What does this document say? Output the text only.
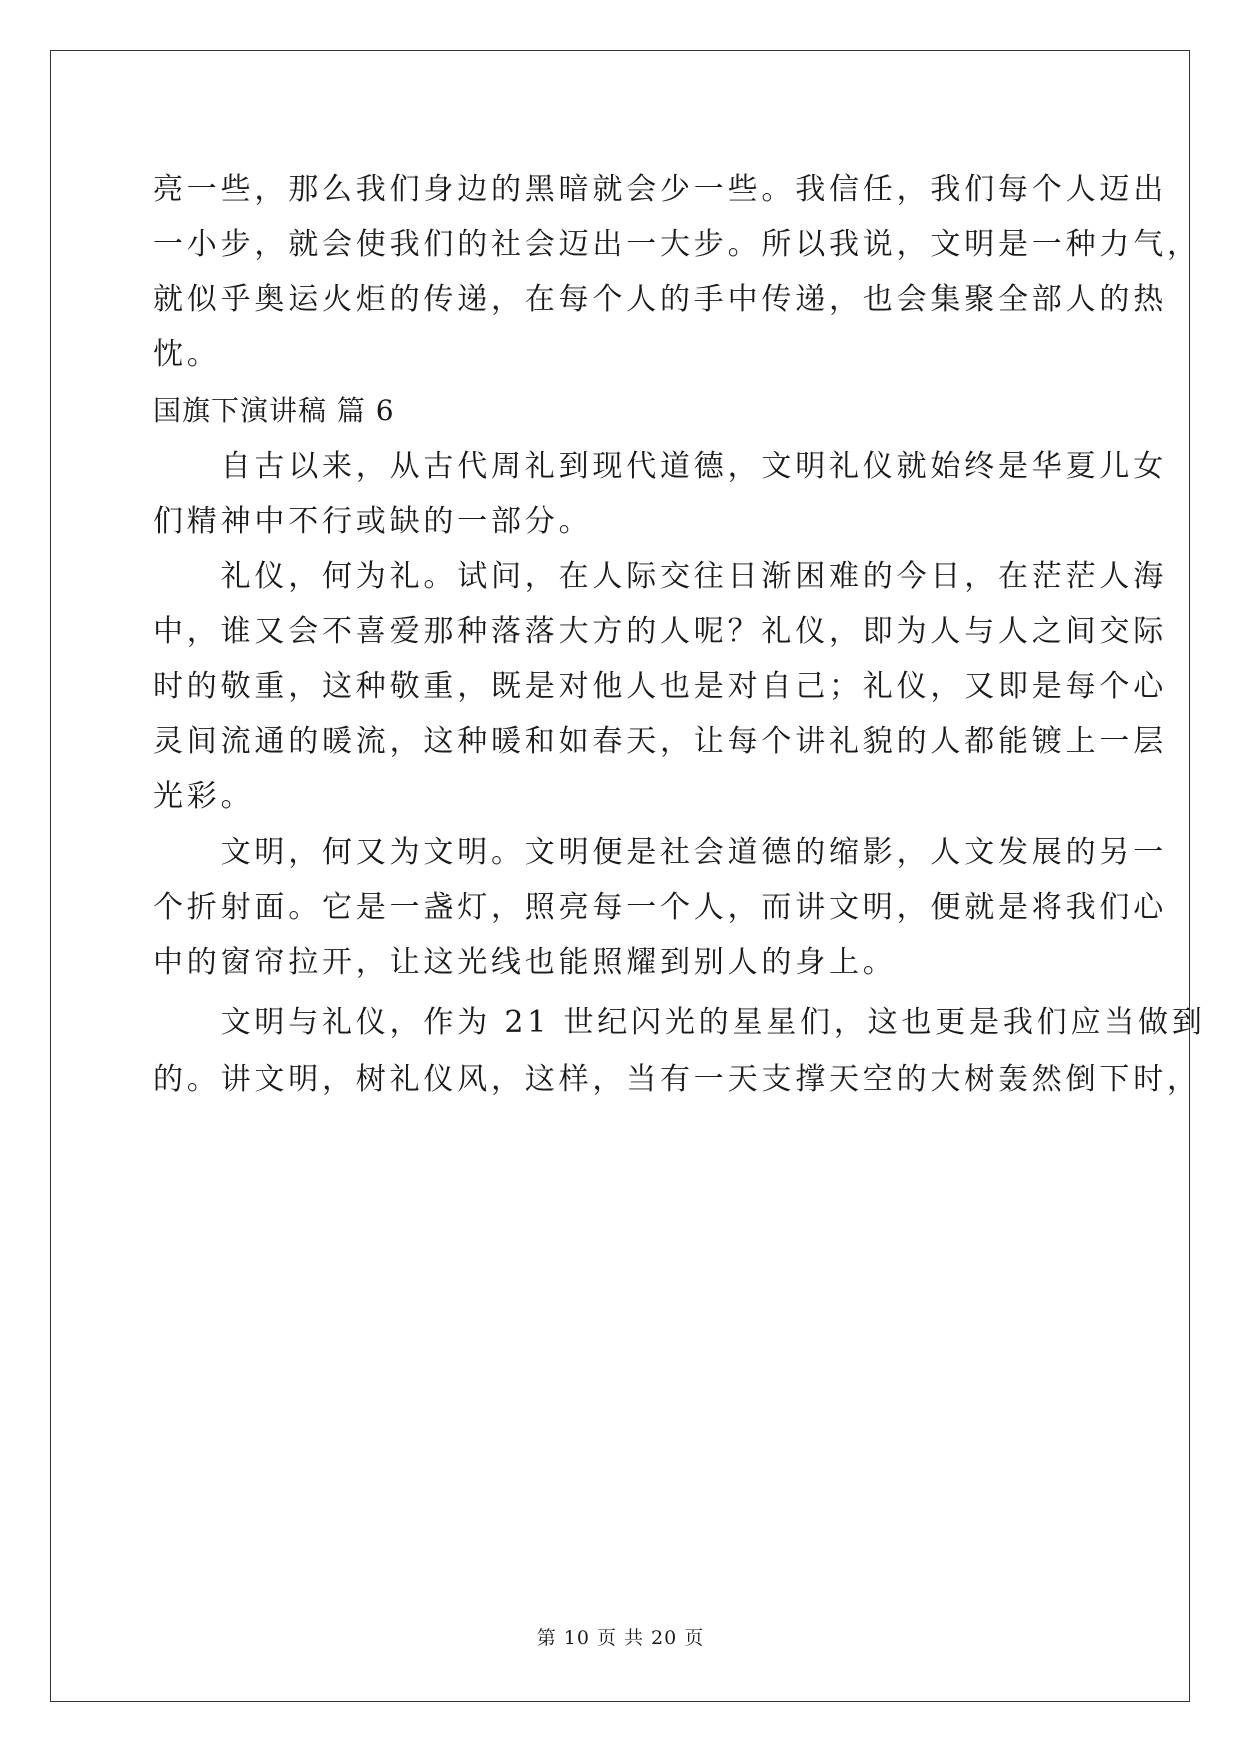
亮一些，那么我们身边的黑暗就会少一些。我信任，我们每个人迈出
一小步，就会使我们的社会迈出一大步。所以我说，文明是一种力气，
就似乎奥运火炬的传递，在每个人的手中传递，也会集聚全部人的热
忱。
国旗下演讲稿 篇 6
　　自古以来，从古代周礼到现代道德，文明礼仪就始终是华夏儿女
们精神中不行或缺的一部分。
　　礼仪，何为礼。试问，在人际交往日渐困难的今日，在茫茫人海
中，谁又会不喜爱那种落落大方的人呢？礼仪，即为人与人之间交际
时的敬重，这种敬重，既是对他人也是对自己；礼仪，又即是每个心
灵间流通的暖流，这种暖和如春天，让每个讲礼貌的人都能镀上一层
光彩。
　　文明，何又为文明。文明便是社会道德的缩影，人文发展的另一
个折射面。它是一盏灯，照亮每一个人，而讲文明，便就是将我们心
中的窗帘拉开，让这光线也能照耀到别人的身上。
　　文明与礼仪，作为 21 世纪闪光的星星们，这也更是我们应当做到
的。讲文明，树礼仪风，这样，当有一天支撑天空的大树轰然倒下时，
第 10 页 共 20 页
